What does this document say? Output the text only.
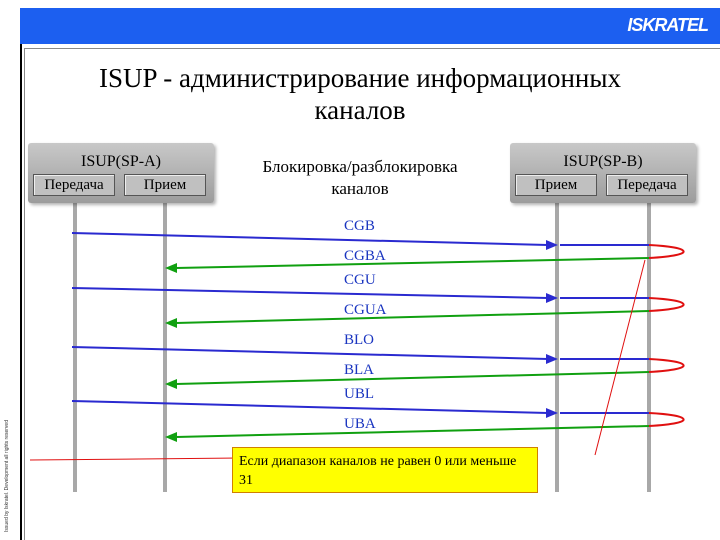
ISKRATEL
Issued by Iskratel. Development all rights reserved
ISUP - администрирование информационных каналов
Блокировка/разблокировка каналов
CGB
CGBA
CGU
CGUA
BLO
BLA
UBL
UBA
ISUP(SP-A)
Передача	Прием
ISUP(SP-B)
Прием	Передача
Если диапазон каналов не равен 0 или меньше 31
